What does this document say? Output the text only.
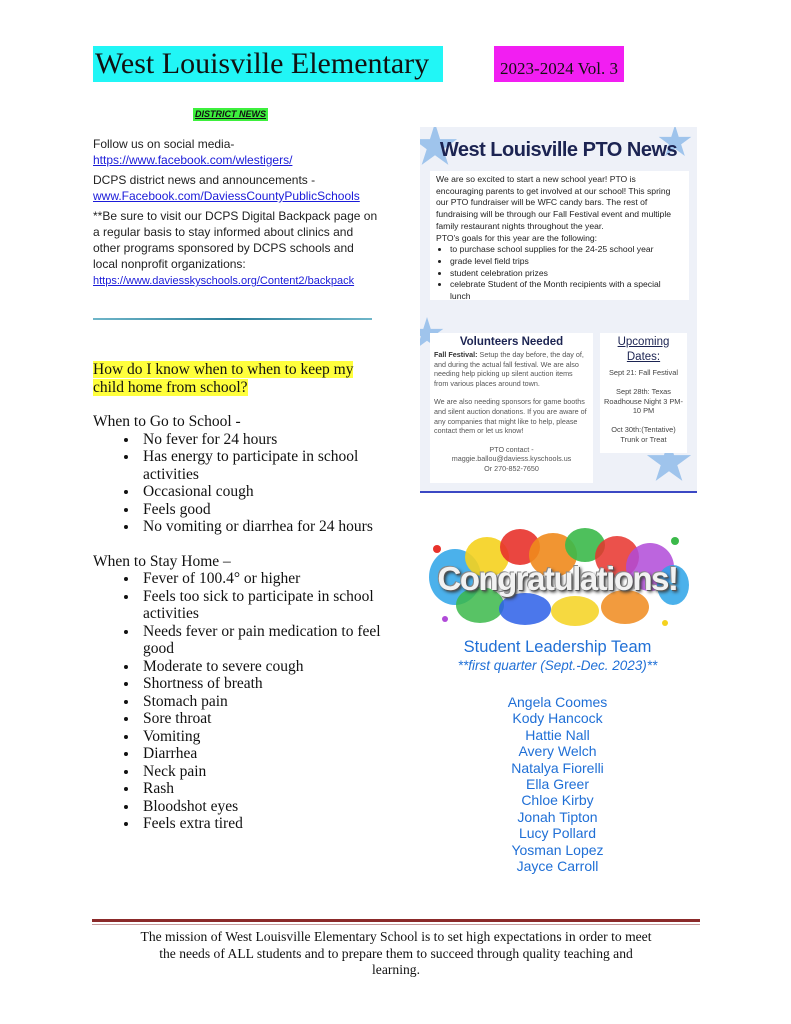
West Louisville Elementary	2023-2024 Vol. 3
DISTRICT NEWS

Follow us on social media-

https://www.facebook.com/wlestigers/

DCPS district news and announcements -

www.Facebook.com/DaviessCountyPublicSchools

**Be sure to visit our DCPS Digital Backpack page on a regular basis to stay informed about clinics and other programs sponsored by DCPS schools and local nonprofit organizations:

https://www.daviesskyschools.org/Content2/backpack

How do I know when to when to keep my child home from school?

When to Go to School -

• No fever for 24 hours
• Has energy to participate in school activities
• Occasional cough
• Feels good
• No vomiting or diarrhea for 24 hours

When to Stay Home –

• Fever of 100.4° or higher
• Feels too sick to participate in school activities
• Needs fever or pain medication to feel good
• Moderate to severe cough
• Shortness of breath
• Stomach pain
• Sore throat
• Vomiting
• Diarrhea
• Neck pain
• Rash
• Bloodshot eyes
• Feels extra tired
West Louisville PTO News

We are so excited to start a new school year! PTO is encouraging parents to get involved at our school! This spring our PTO fundraiser will be WFC candy bars. The rest of fundraising will be through our Fall Festival event and multiple family restaurant nights throughout the year.

PTO's goals for this year are the following:

• to purchase school supplies for the 24-25 school year
• grade level field trips
• student celebration prizes
• celebrate Student of the Month recipients with a special lunch
Volunteers Needed

Fall Festival: Setup the day before, the day of, and during the actual fall festival. We are also needing help picking up silent auction items from various places around town.

We are also needing sponsors for game booths and silent auction donations. If you are aware of any companies that might like to help, please contact them or let us know!

PTO contact -

maggie.ballou@daviess.kyschools.us

Or 270-852-7650

Upcoming Dates:

Sept 21: Fall Festival

Sept 28th: Texas Roadhouse Night 3 PM-10 PM

Oct 30th:(Tentative) Trunk or Treat

Congratulations!
Student Leadership Team
**first quarter (Sept.-Dec. 2023)**
Angela Coomes
Kody Hancock
Hattie Nall
Avery Welch
Natalya Fiorelli
Ella Greer
Chloe Kirby
Jonah Tipton
Lucy Pollard
Yosman Lopez
Jayce Carroll
The mission of West Louisville Elementary School is to set high expectations in order to meet the needs of ALL students and to prepare them to succeed through quality teaching and learning.
